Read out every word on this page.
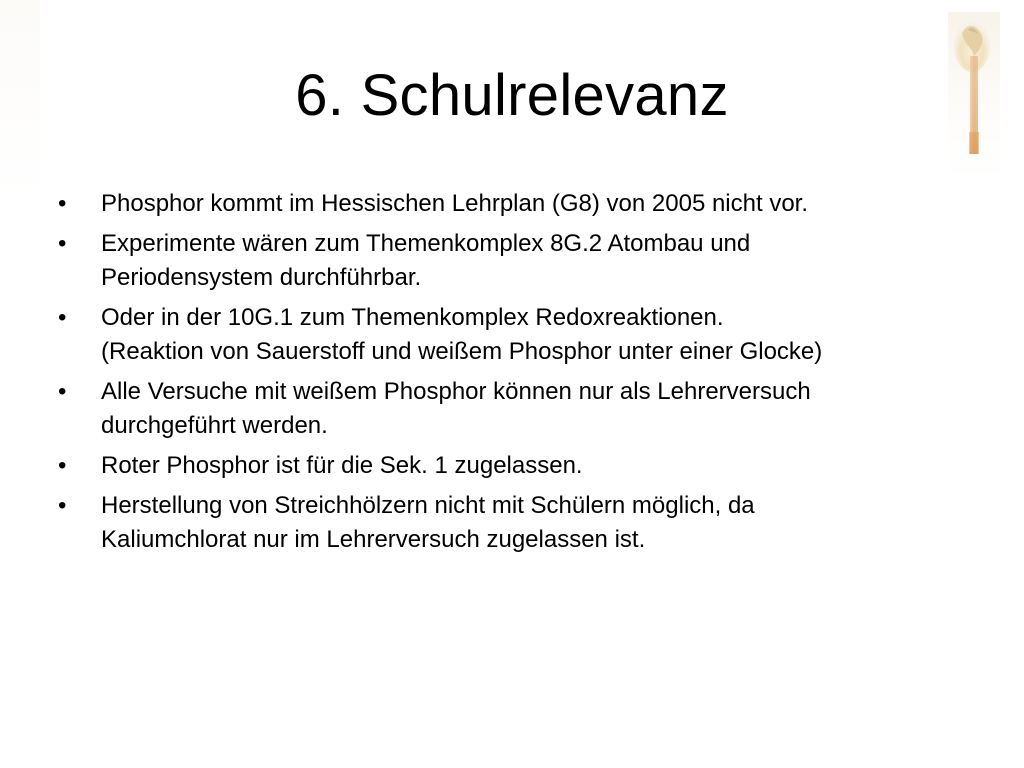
6. Schulrelevanz
•	Phosphor kommt im Hessischen Lehrplan (G8) von 2005 nicht vor.
•	Experimente wären zum Themenkomplex 8G.2 Atombau und
Periodensystem durchführbar.
•	Oder in der 10G.1 zum Themenkomplex Redoxreaktionen.
(Reaktion von Sauerstoff und weißem Phosphor unter einer Glocke)
•	Alle Versuche mit weißem Phosphor können nur als Lehrerversuch
durchgeführt werden.
•	Roter Phosphor ist für die Sek. 1 zugelassen.
•	Herstellung von Streichhölzern nicht mit Schülern möglich, da
Kaliumchlorat nur im Lehrerversuch zugelassen ist.
